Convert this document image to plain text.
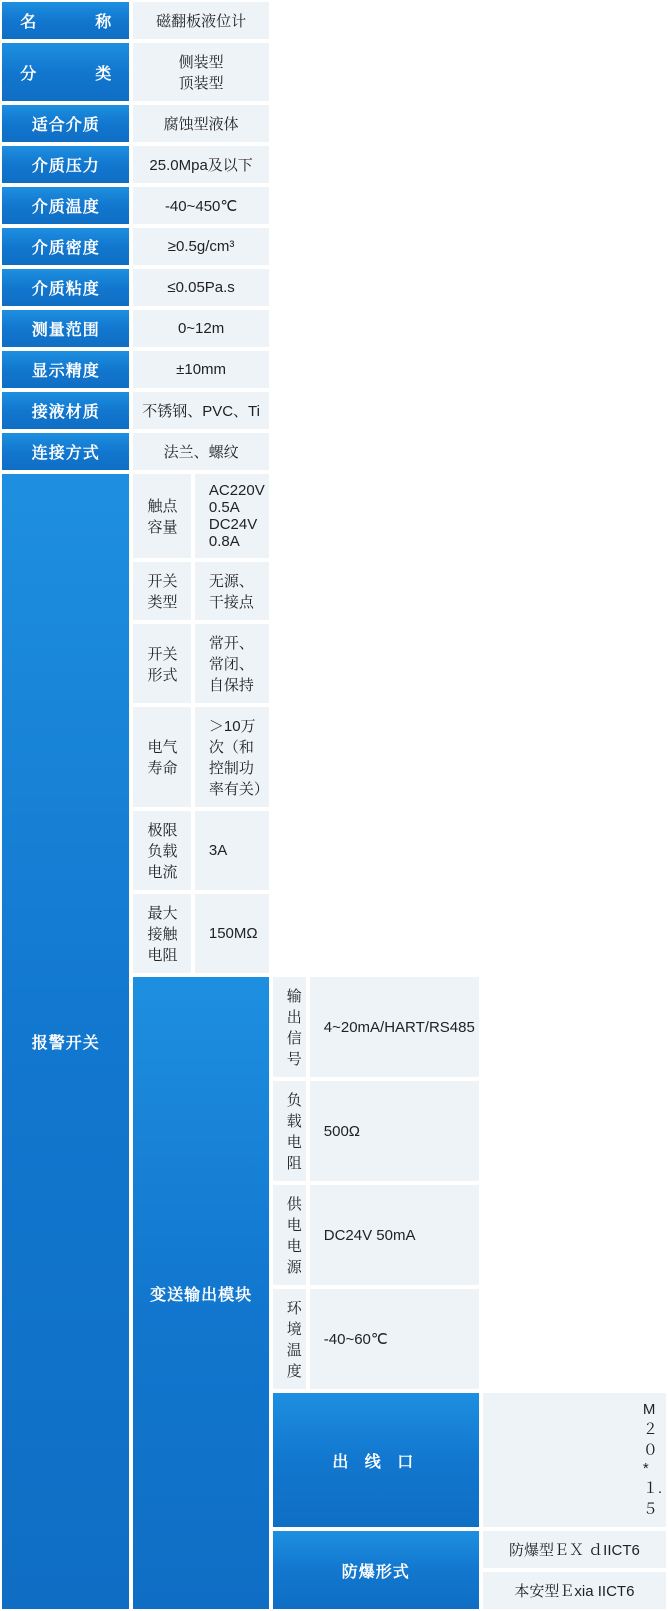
名　　称	磁翻板液位计
分　　类	侧装型 顶装型
适合介质	腐蚀型液体
介质压力	25.0Mpa及以下
介质温度	-40~450℃
介质密度	≥0.5g/cm³
介质粘度	≤0.05Pa.s
测量范围	0~12m
显示精度	±10mm
接液材质	不锈钢、PVC、Ti
连接方式	法兰、螺纹
报警开关	
触点容量	AC220V 0.5A DC24V 0.8A
开关类型	无源、干接点
开关形式	常开、常闭、自保持
电气寿命	＞10万次（和控制功率有关）
极限负载电流	3A
最大接触电阻	150MΩ

变送输出模块	
输出信号	4~20mA/HART/RS485
负载电阻	500Ω
供电电源	DC24V 50mA
环境温度	-40~60℃

出 线 口	М２０*１.５
防爆形式	
防爆型ＥＸ ｄIICT6
本安型Ｅxia IICT6
